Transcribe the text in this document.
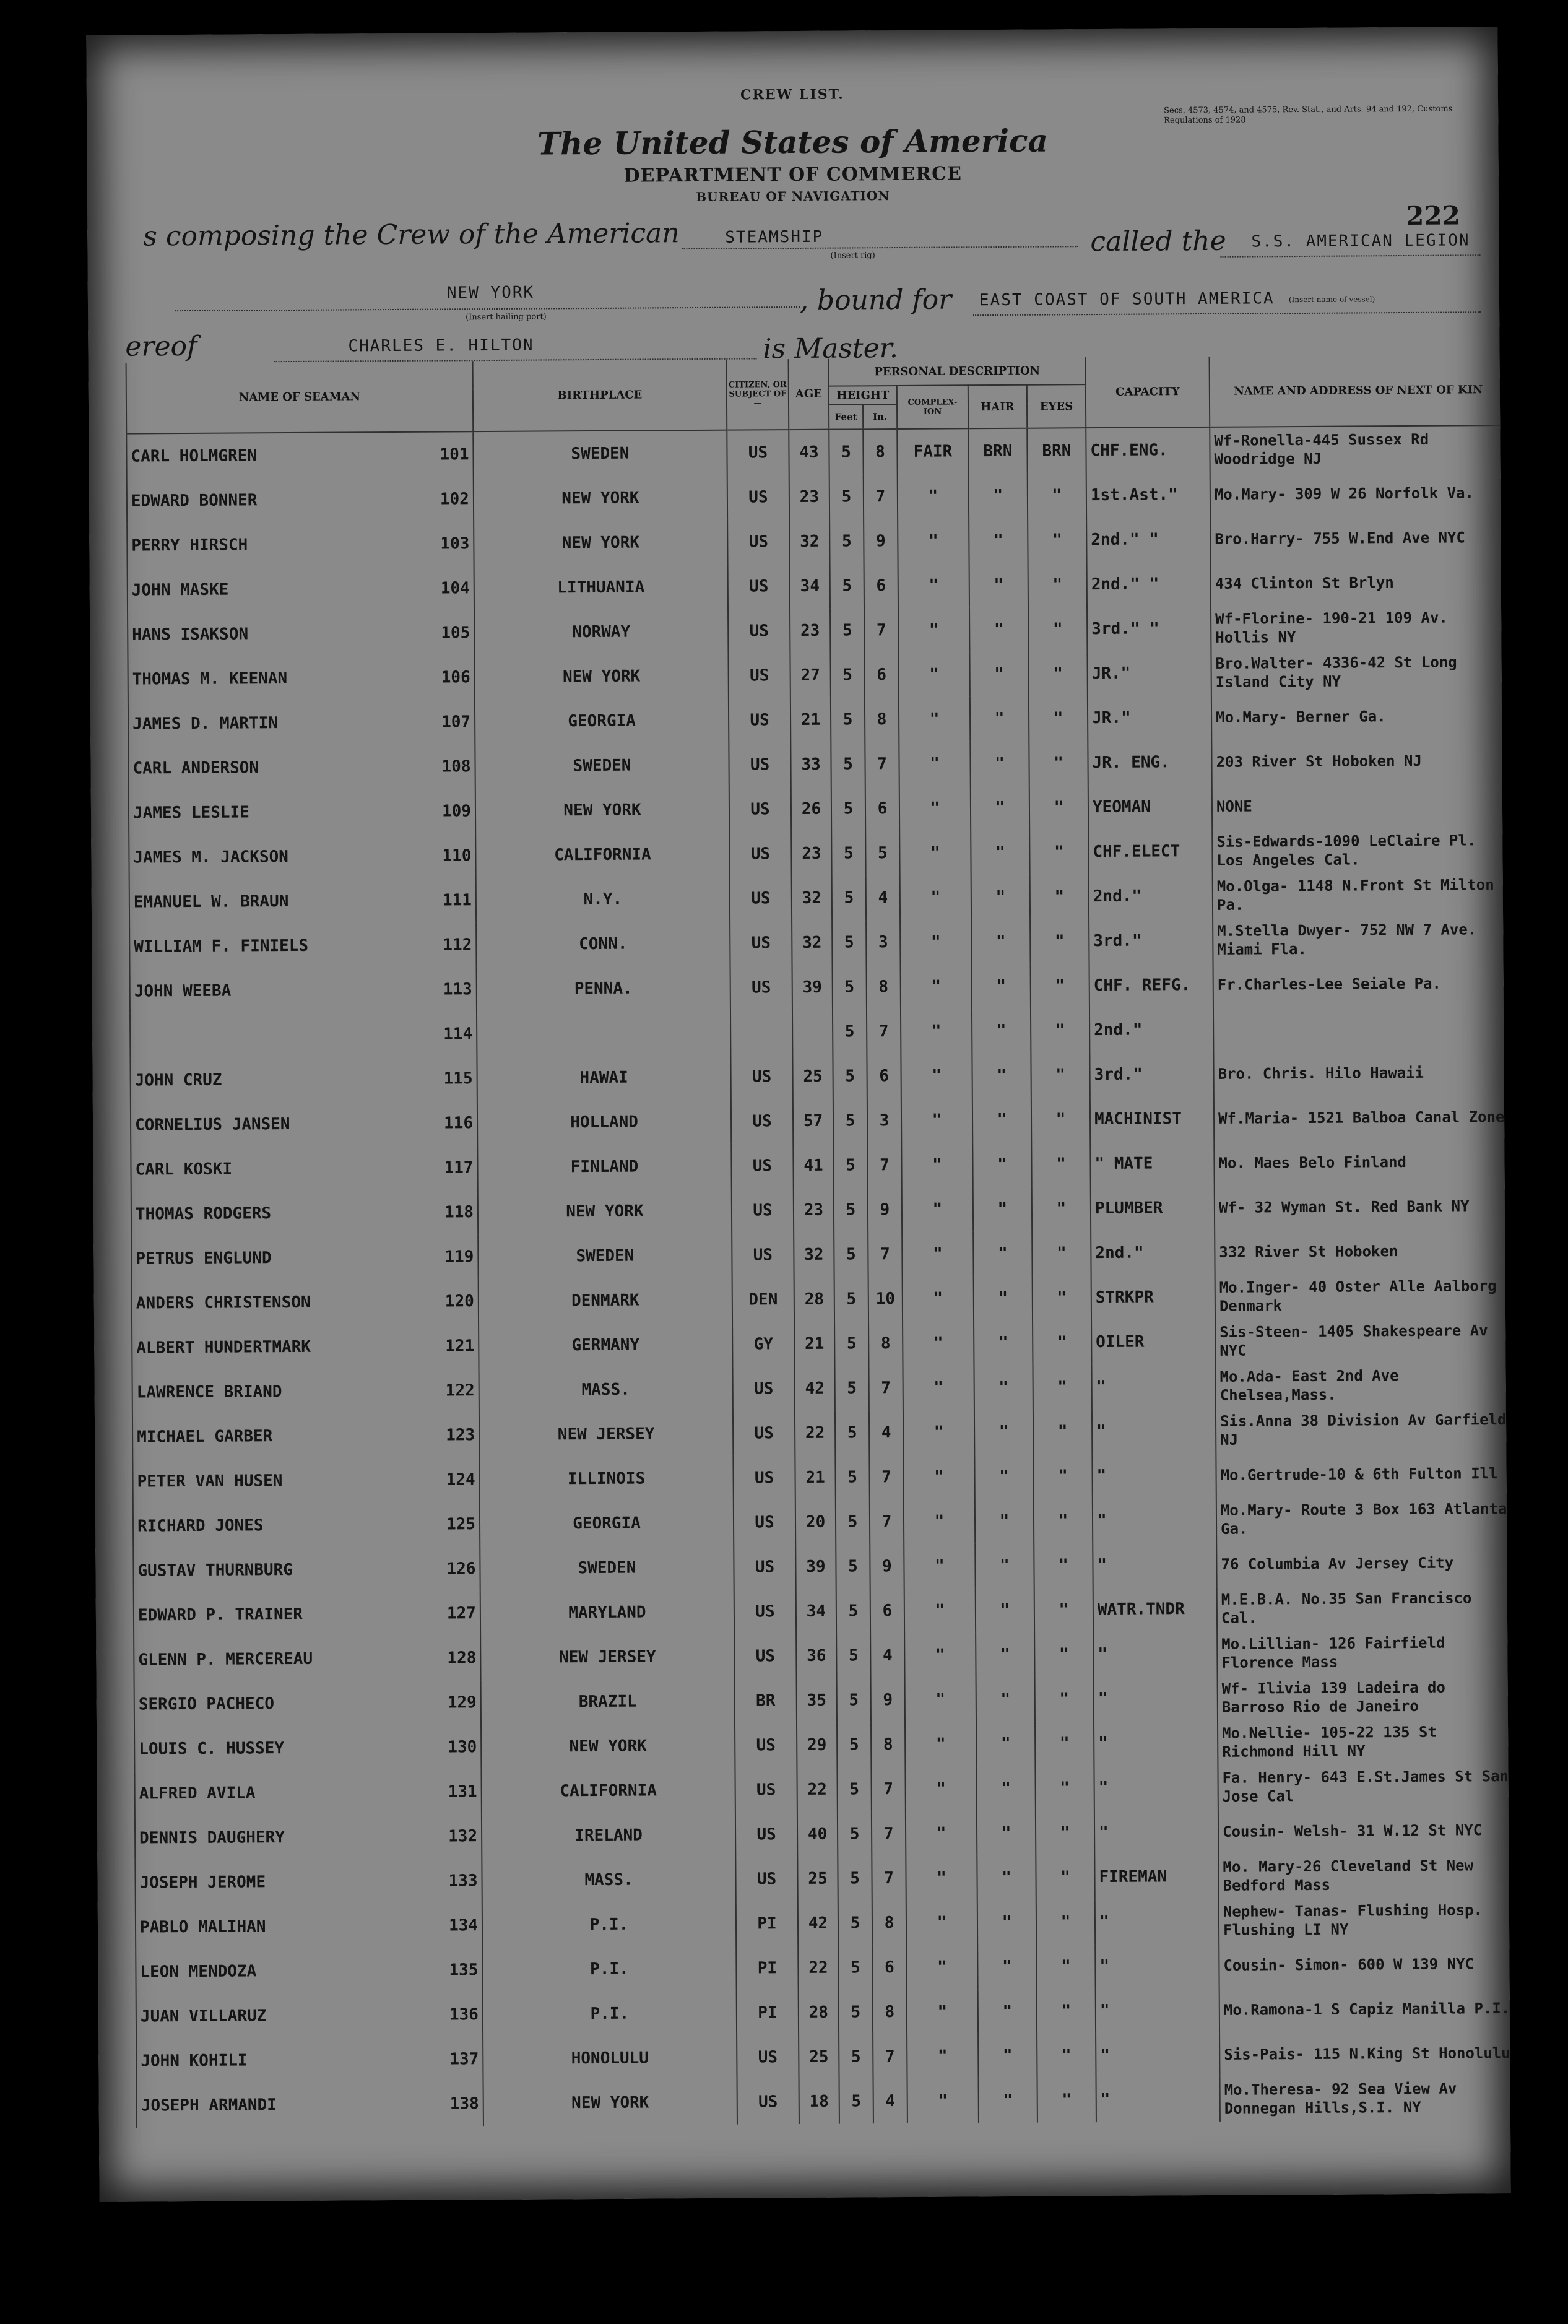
CREW LIST.
Secs. 4573, 4574, and 4575, Rev. Stat., and Arts. 94 and 192, Customs Regulations of 1928
The United States of America
DEPARTMENT OF COMMERCE
BUREAU OF NAVIGATION
222
s composing the Crew of the American	STEAMSHIP
(Insert rig)	called the S.S. AMERICAN LEGION
NEW YORK
(Insert hailing port)
, bound for EAST COAST OF SOUTH AMERICA (Insert name of vessel)
ereof	CHARLES E. HILTON	is Master.
NAME OF SEAMAN	BIRTHPLACE	CITIZEN, OR SUBJECT OF—	AGE	PERSONAL DESCRIPTION					CAPACITY	NAME AND ADDRESS OF NEXT OF KIN
				HEIGHT		COMPLEX- ION	HAIR	EYES		
				Feet	In.					
CARL HOLMGREN 101	SWEDEN	US	43	5	8	FAIR	BRN	BRN	CHF.ENG.	Wf-Ronella-445 Sussex Rd Woodridge NJ
EDWARD BONNER 102	NEW YORK	US	23	5	7	"	"	"	1st.Ast."	Mo.Mary- 309 W 26 Norfolk Va.
PERRY HIRSCH 103	NEW YORK	US	32	5	9	"	"	"	2nd." "	Bro.Harry- 755 W.End Ave NYC
JOHN MASKE 104	LITHUANIA	US	34	5	6	"	"	"	2nd." "	434 Clinton St Brlyn
HANS ISAKSON 105	NORWAY	US	23	5	7	"	"	"	3rd." "	Wf-Florine- 190-21 109 Av. Hollis NY
THOMAS M. KEENAN 106	NEW YORK	US	27	5	6	"	"	"	JR."	Bro.Walter- 4336-42 St Long Island City NY
JAMES D. MARTIN 107	GEORGIA	US	21	5	8	"	"	"	JR."	Mo.Mary- Berner Ga.
CARL ANDERSON 108	SWEDEN	US	33	5	7	"	"	"	JR. ENG.	203 River St Hoboken NJ
JAMES LESLIE 109	NEW YORK	US	26	5	6	"	"	"	YEOMAN	NONE
JAMES M. JACKSON 110	CALIFORNIA	US	23	5	5	"	"	"	CHF.ELECT	Sis-Edwards-1090 LeClaire Pl. Los Angeles Cal.
EMANUEL W. BRAUN 111	N.Y.	US	32	5	4	"	"	"	2nd."	Mo.Olga- 1148 N.Front St Milton Pa.
WILLIAM F. FINIELS 112	CONN.	US	32	5	3	"	"	"	3rd."	M.Stella Dwyer- 752 NW 7 Ave. Miami Fla.
JOHN WEEBA 113	PENNA.	US	39	5	8	"	"	"	CHF. REFG.	Fr.Charles-Lee Seiale Pa.

114				5	7	"	"	"	2nd."	
JOHN CRUZ 115	HAWAI	US	25	5	6	"	"	"	3rd."	Bro. Chris. Hilo Hawaii
CORNELIUS JANSEN 116	HOLLAND	US	57	5	3	"	"	"	MACHINIST	Wf.Maria- 1521 Balboa Canal Zone
CARL KOSKI 117	FINLAND	US	41	5	7	"	"	"	" MATE	Mo. Maes Belo Finland
THOMAS RODGERS 118	NEW YORK	US	23	5	9	"	"	"	PLUMBER	Wf- 32 Wyman St. Red Bank NY
PETRUS ENGLUND 119	SWEDEN	US	32	5	7	"	"	"	2nd."	332 River St Hoboken
ANDERS CHRISTENSON 120	DENMARK	DEN	28	5	10	"	"	"	STRKPR	Mo.Inger- 40 Oster Alle Aalborg Denmark
ALBERT HUNDERTMARK 121	GERMANY	GY	21	5	8	"	"	"	OILER	Sis-Steen- 1405 Shakespeare Av NYC
LAWRENCE BRIAND 122	MASS.	US	42	5	7	"	"	"	"	Mo.Ada- East 2nd Ave Chelsea,Mass.
MICHAEL GARBER 123	NEW JERSEY	US	22	5	4	"	"	"	"	Sis.Anna 38 Division Av Garfield NJ
PETER VAN HUSEN 124	ILLINOIS	US	21	5	7	"	"	"	"	Mo.Gertrude-10 & 6th Fulton Ill
RICHARD JONES 125	GEORGIA	US	20	5	7	"	"	"	"	Mo.Mary- Route 3 Box 163 Atlanta Ga.
GUSTAV THURNBURG 126	SWEDEN	US	39	5	9	"	"	"	"	76 Columbia Av Jersey City
EDWARD P. TRAINER 127	MARYLAND	US	34	5	6	"	"	"	WATR.TNDR	M.E.B.A. No.35 San Francisco Cal.
GLENN P. MERCEREAU 128	NEW JERSEY	US	36	5	4	"	"	"	"	Mo.Lillian- 126 Fairfield Florence Mass
SERGIO PACHECO 129	BRAZIL	BR	35	5	9	"	"	"	"	Wf- Ilivia 139 Ladeira do Barroso Rio de Janeiro
LOUIS C. HUSSEY 130	NEW YORK	US	29	5	8	"	"	"	"	Mo.Nellie- 105-22 135 St Richmond Hill NY
ALFRED AVILA 131	CALIFORNIA	US	22	5	7	"	"	"	"	Fa. Henry- 643 E.St.James St San Jose Cal
DENNIS DAUGHERY 132	IRELAND	US	40	5	7	"	"	"	"	Cousin- Welsh- 31 W.12 St NYC
JOSEPH JEROME 133	MASS.	US	25	5	7	"	"	"	FIREMAN	Mo. Mary-26 Cleveland St New Bedford Mass
PABLO MALIHAN 134	P.I.	PI	42	5	8	"	"	"	"	Nephew- Tanas- Flushing Hosp. Flushing LI NY
LEON MENDOZA 135	P.I.	PI	22	5	6	"	"	"	"	Cousin- Simon- 600 W 139 NYC
JUAN VILLARUZ 136	P.I.	PI	28	5	8	"	"	"	"	Mo.Ramona-1 S Capiz Manilla P.I.
JOHN KOHILI 137	HONOLULU	US	25	5	7	"	"	"	"	Sis-Pais- 115 N.King St Honolulu
JOSEPH ARMANDI 138	NEW YORK	US	18	5	4	"	"	"	"	Mo.Theresa- 92 Sea View Av Donnegan Hills,S.I. NY
